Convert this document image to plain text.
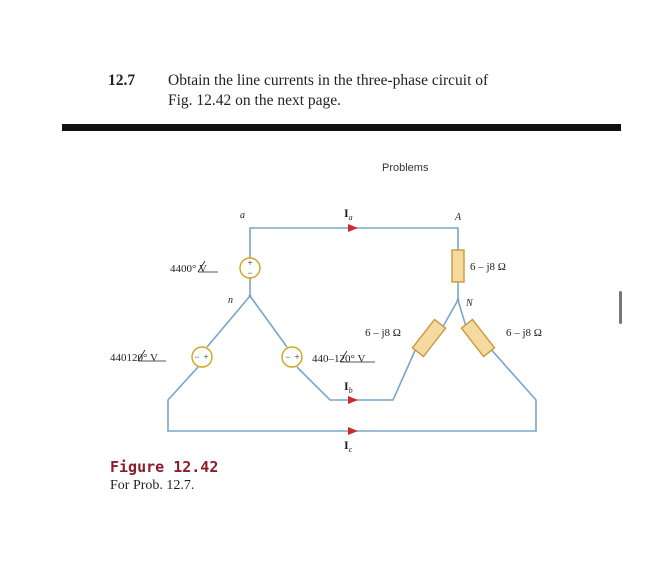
12.7 Obtain the line currents in the three-phase circuit of
Fig. 12.42 on the next page.
Problems
+
−
− +	− +
a
n
A
N
4400° V
440120° V	440–120° V
6 – j8 Ω
6 – j8 Ω	6 – j8 Ω
$I_a$
$I_b$
$I_c$
Figure 12.42
For Prob. 12.7.
